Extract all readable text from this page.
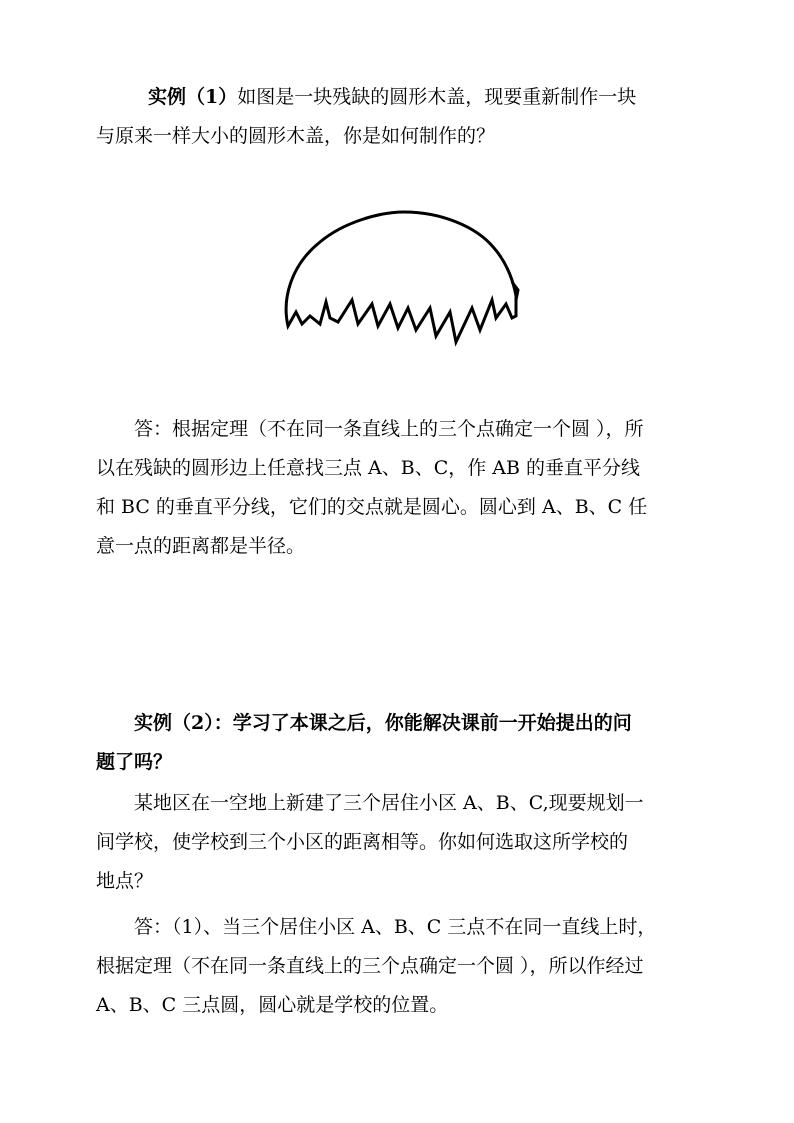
实例（1）如图是一块残缺的圆形木盖，现要重新制作一块
与原来一样大小的圆形木盖，你是如何制作的？

答：根据定理（不在同一条直线上的三个点确定一个圆 ），所
以在残缺的圆形边上任意找三点 A、B、C，作 AB 的垂直平分线
和 BC 的垂直平分线，它们的交点就是圆心。圆心到 A、B、C 任
意一点的距离都是半径。

实例（2）：学习了本课之后，你能解决课前一开始提出的问
题了吗？

某地区在一空地上新建了三个居住小区 A、B、C,现要规划一
间学校，使学校到三个小区的距离相等。你如何选取这所学校的
地点？

答：（1）、当三个居住小区 A、B、C 三点不在同一直线上时，
根据定理（不在同一条直线上的三个点确定一个圆 ），所以作经过
A、B、C 三点圆，圆心就是学校的位置。
